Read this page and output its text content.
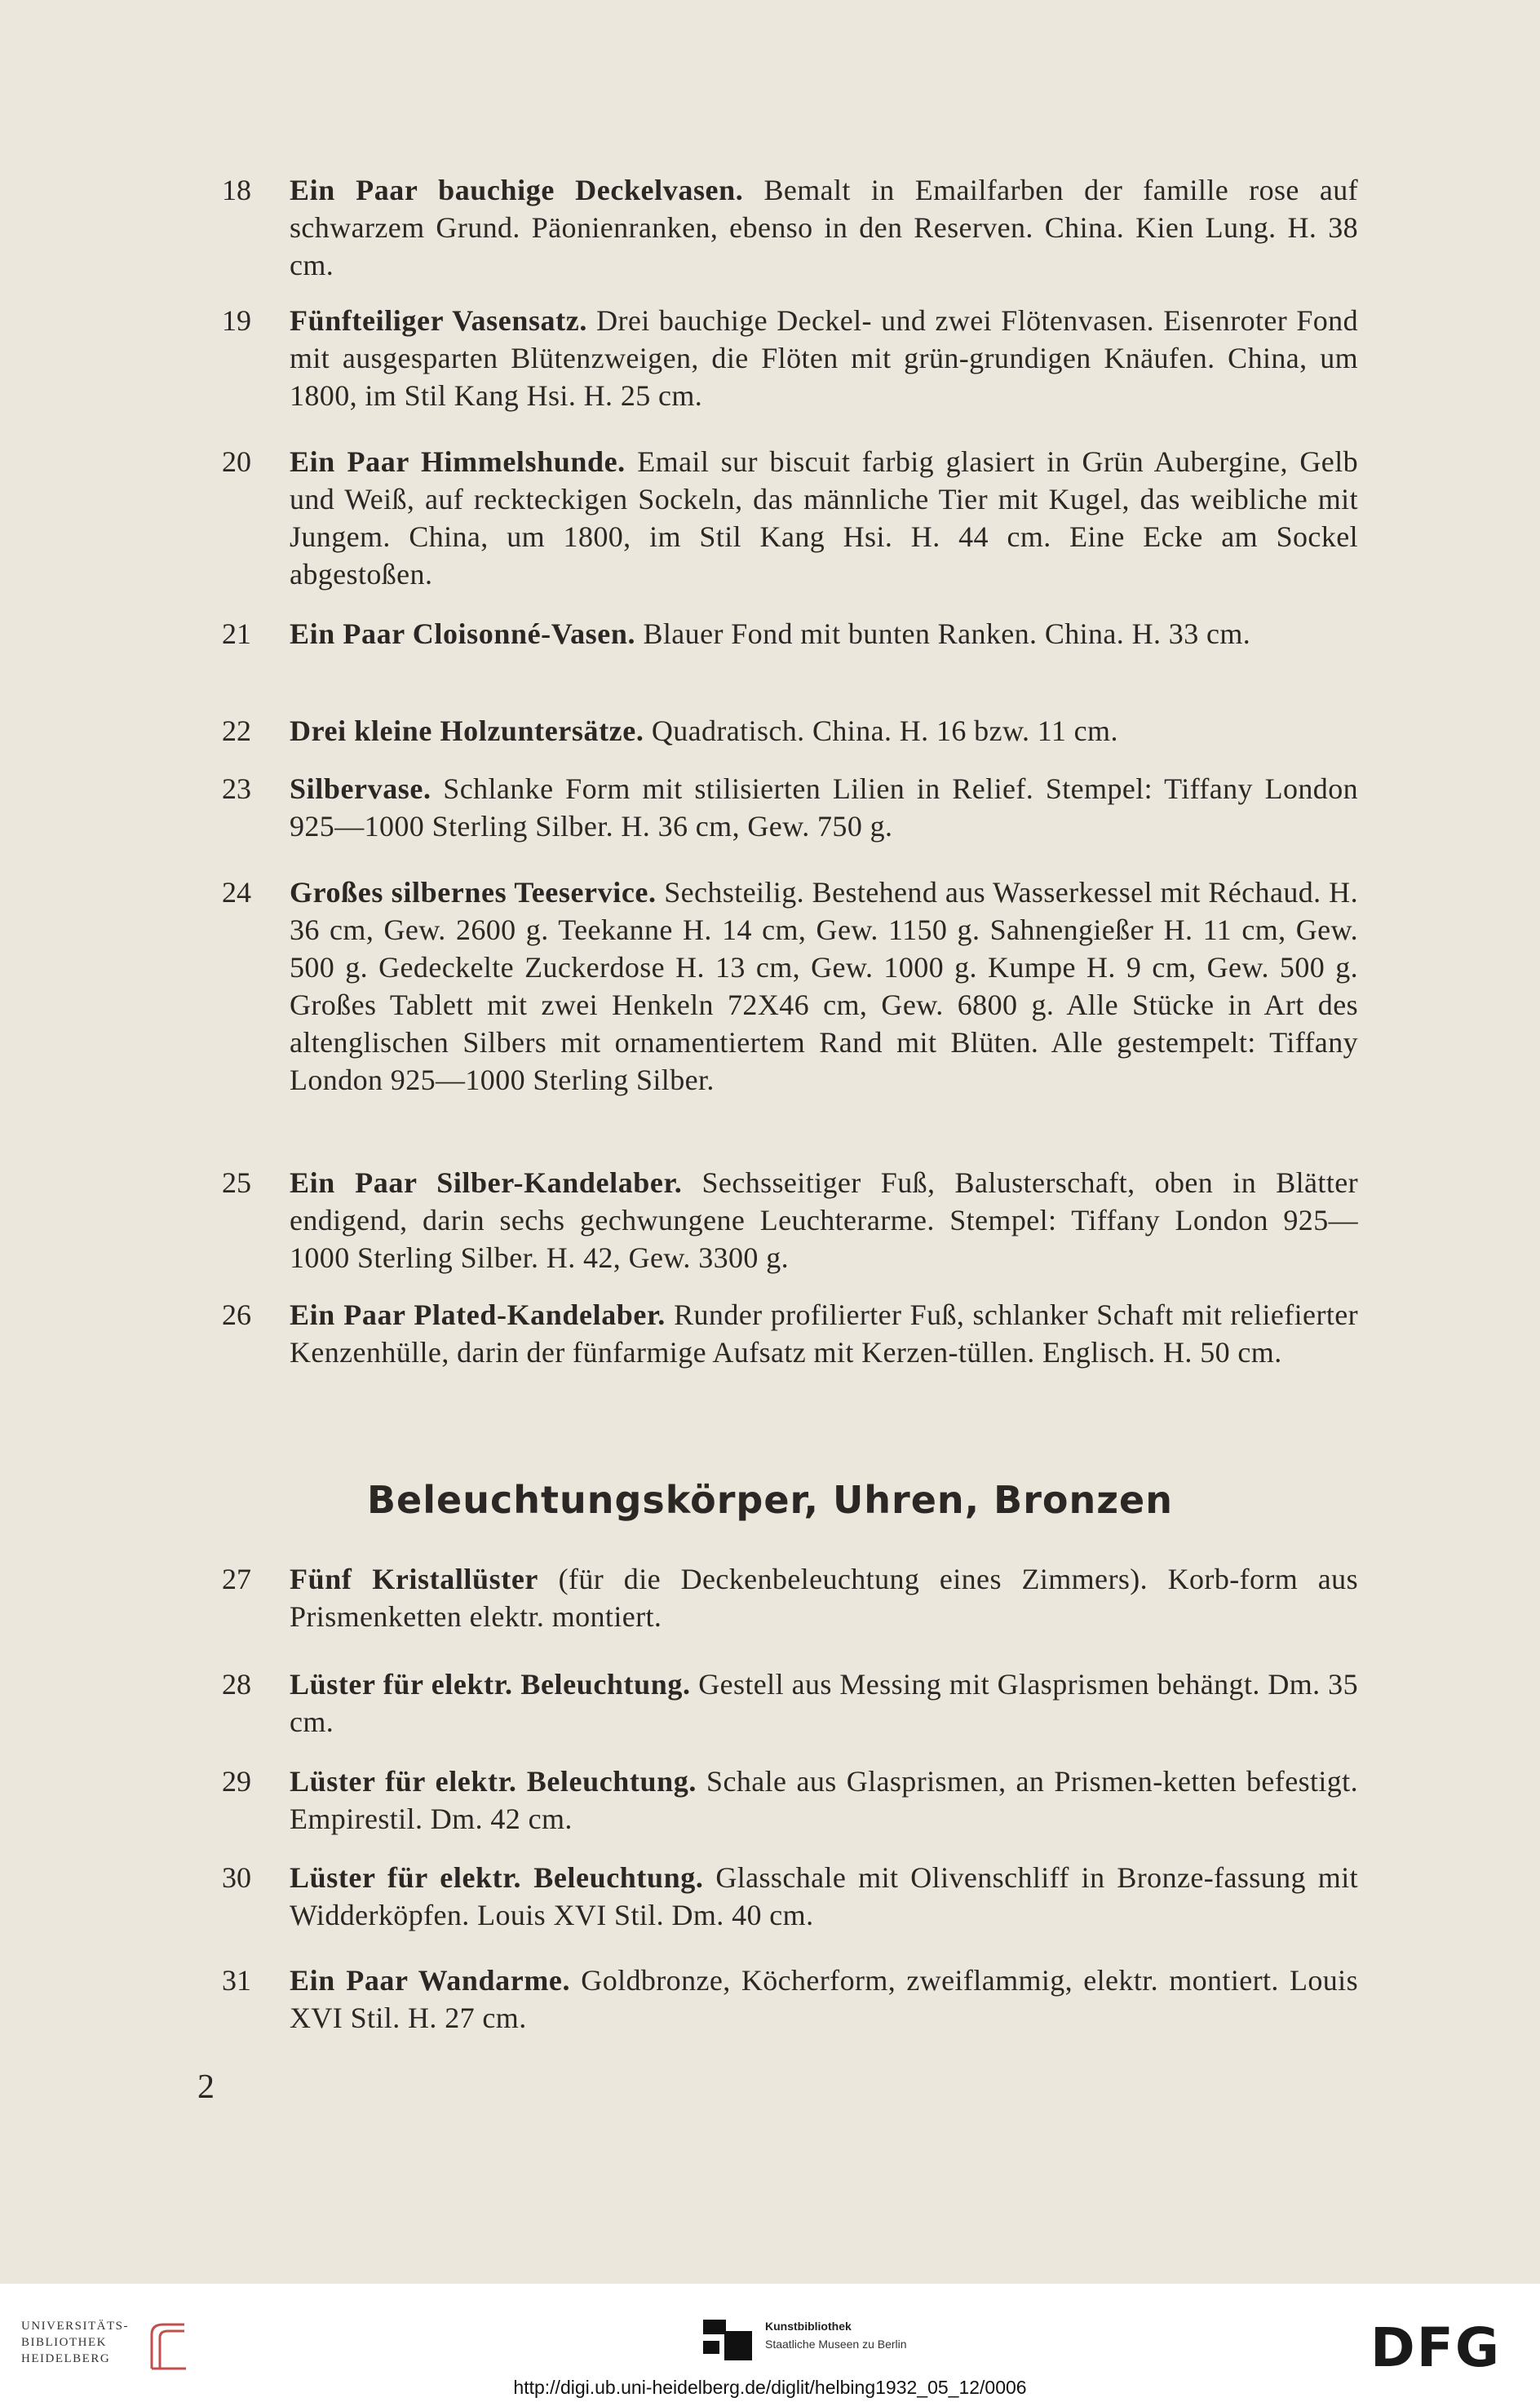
18	Ein Paar bauchige Deckelvasen. Bemalt in Emailfarben der famille rose auf schwarzem Grund. Päonienranken, ebenso in den Reserven. China. Kien Lung. H. 38 cm.
19	Fünfteiliger Vasensatz. Drei bauchige Deckel- und zwei Flötenvasen. Eisenroter Fond mit ausgesparten Blütenzweigen, die Flöten mit grün-grundigen Knäufen. China, um 1800, im Stil Kang Hsi. H. 25 cm.
20	Ein Paar Himmelshunde. Email sur biscuit farbig glasiert in Grün Aubergine, Gelb und Weiß, auf reckteckigen Sockeln, das männliche Tier mit Kugel, das weibliche mit Jungem. China, um 1800, im Stil Kang Hsi. H. 44 cm. Eine Ecke am Sockel abgestoßen.
21	Ein Paar Cloisonné-Vasen. Blauer Fond mit bunten Ranken. China. H. 33 cm.
22	Drei kleine Holzuntersätze. Quadratisch. China. H. 16 bzw. 11 cm.
23	Silbervase. Schlanke Form mit stilisierten Lilien in Relief. Stempel: Tiffany London 925—1000 Sterling Silber. H. 36 cm, Gew. 750 g.
24	Großes silbernes Teeservice. Sechsteilig. Bestehend aus Wasserkessel mit Réchaud. H. 36 cm, Gew. 2600 g. Teekanne H. 14 cm, Gew. 1150 g. Sahnengießer H. 11 cm, Gew. 500 g. Gedeckelte Zuckerdose H. 13 cm, Gew. 1000 g. Kumpe H. 9 cm, Gew. 500 g. Großes Tablett mit zwei Henkeln 72X46 cm, Gew. 6800 g. Alle Stücke in Art des altenglischen Silbers mit ornamentiertem Rand mit Blüten. Alle gestempelt: Tiffany London 925—1000 Sterling Silber.
25	Ein Paar Silber-Kandelaber. Sechsseitiger Fuß, Balusterschaft, oben in Blätter endigend, darin sechs gechwungene Leuchterarme. Stempel: Tiffany London 925—1000 Sterling Silber. H. 42, Gew. 3300 g.
26	Ein Paar Plated-Kandelaber. Runder profilierter Fuß, schlanker Schaft mit reliefierter Kenzenhülle, darin der fünfarmige Aufsatz mit Kerzen-tüllen. Englisch. H. 50 cm.
Beleuchtungskörper, Uhren, Bronzen
27	Fünf Kristallüster (für die Deckenbeleuchtung eines Zimmers). Korb-form aus Prismenketten elektr. montiert.
28	Lüster für elektr. Beleuchtung. Gestell aus Messing mit Glasprismen behängt. Dm. 35 cm.
29	Lüster für elektr. Beleuchtung. Schale aus Glasprismen, an Prismen-ketten befestigt. Empirestil. Dm. 42 cm.
30	Lüster für elektr. Beleuchtung. Glasschale mit Olivenschliff in Bronze-fassung mit Widderköpfen. Louis XVI Stil. Dm. 40 cm.
31	Ein Paar Wandarme. Goldbronze, Köcherform, zweiflammig, elektr. montiert. Louis XVI Stil. H. 27 cm.
2
UNIVERSITÄTS-
BIBLIOTHEK
HEIDELBERG
Kunstbibliothek
Staatliche Museen zu Berlin	DFG
http://digi.ub.uni-heidelberg.de/diglit/helbing1932_05_12/0006
